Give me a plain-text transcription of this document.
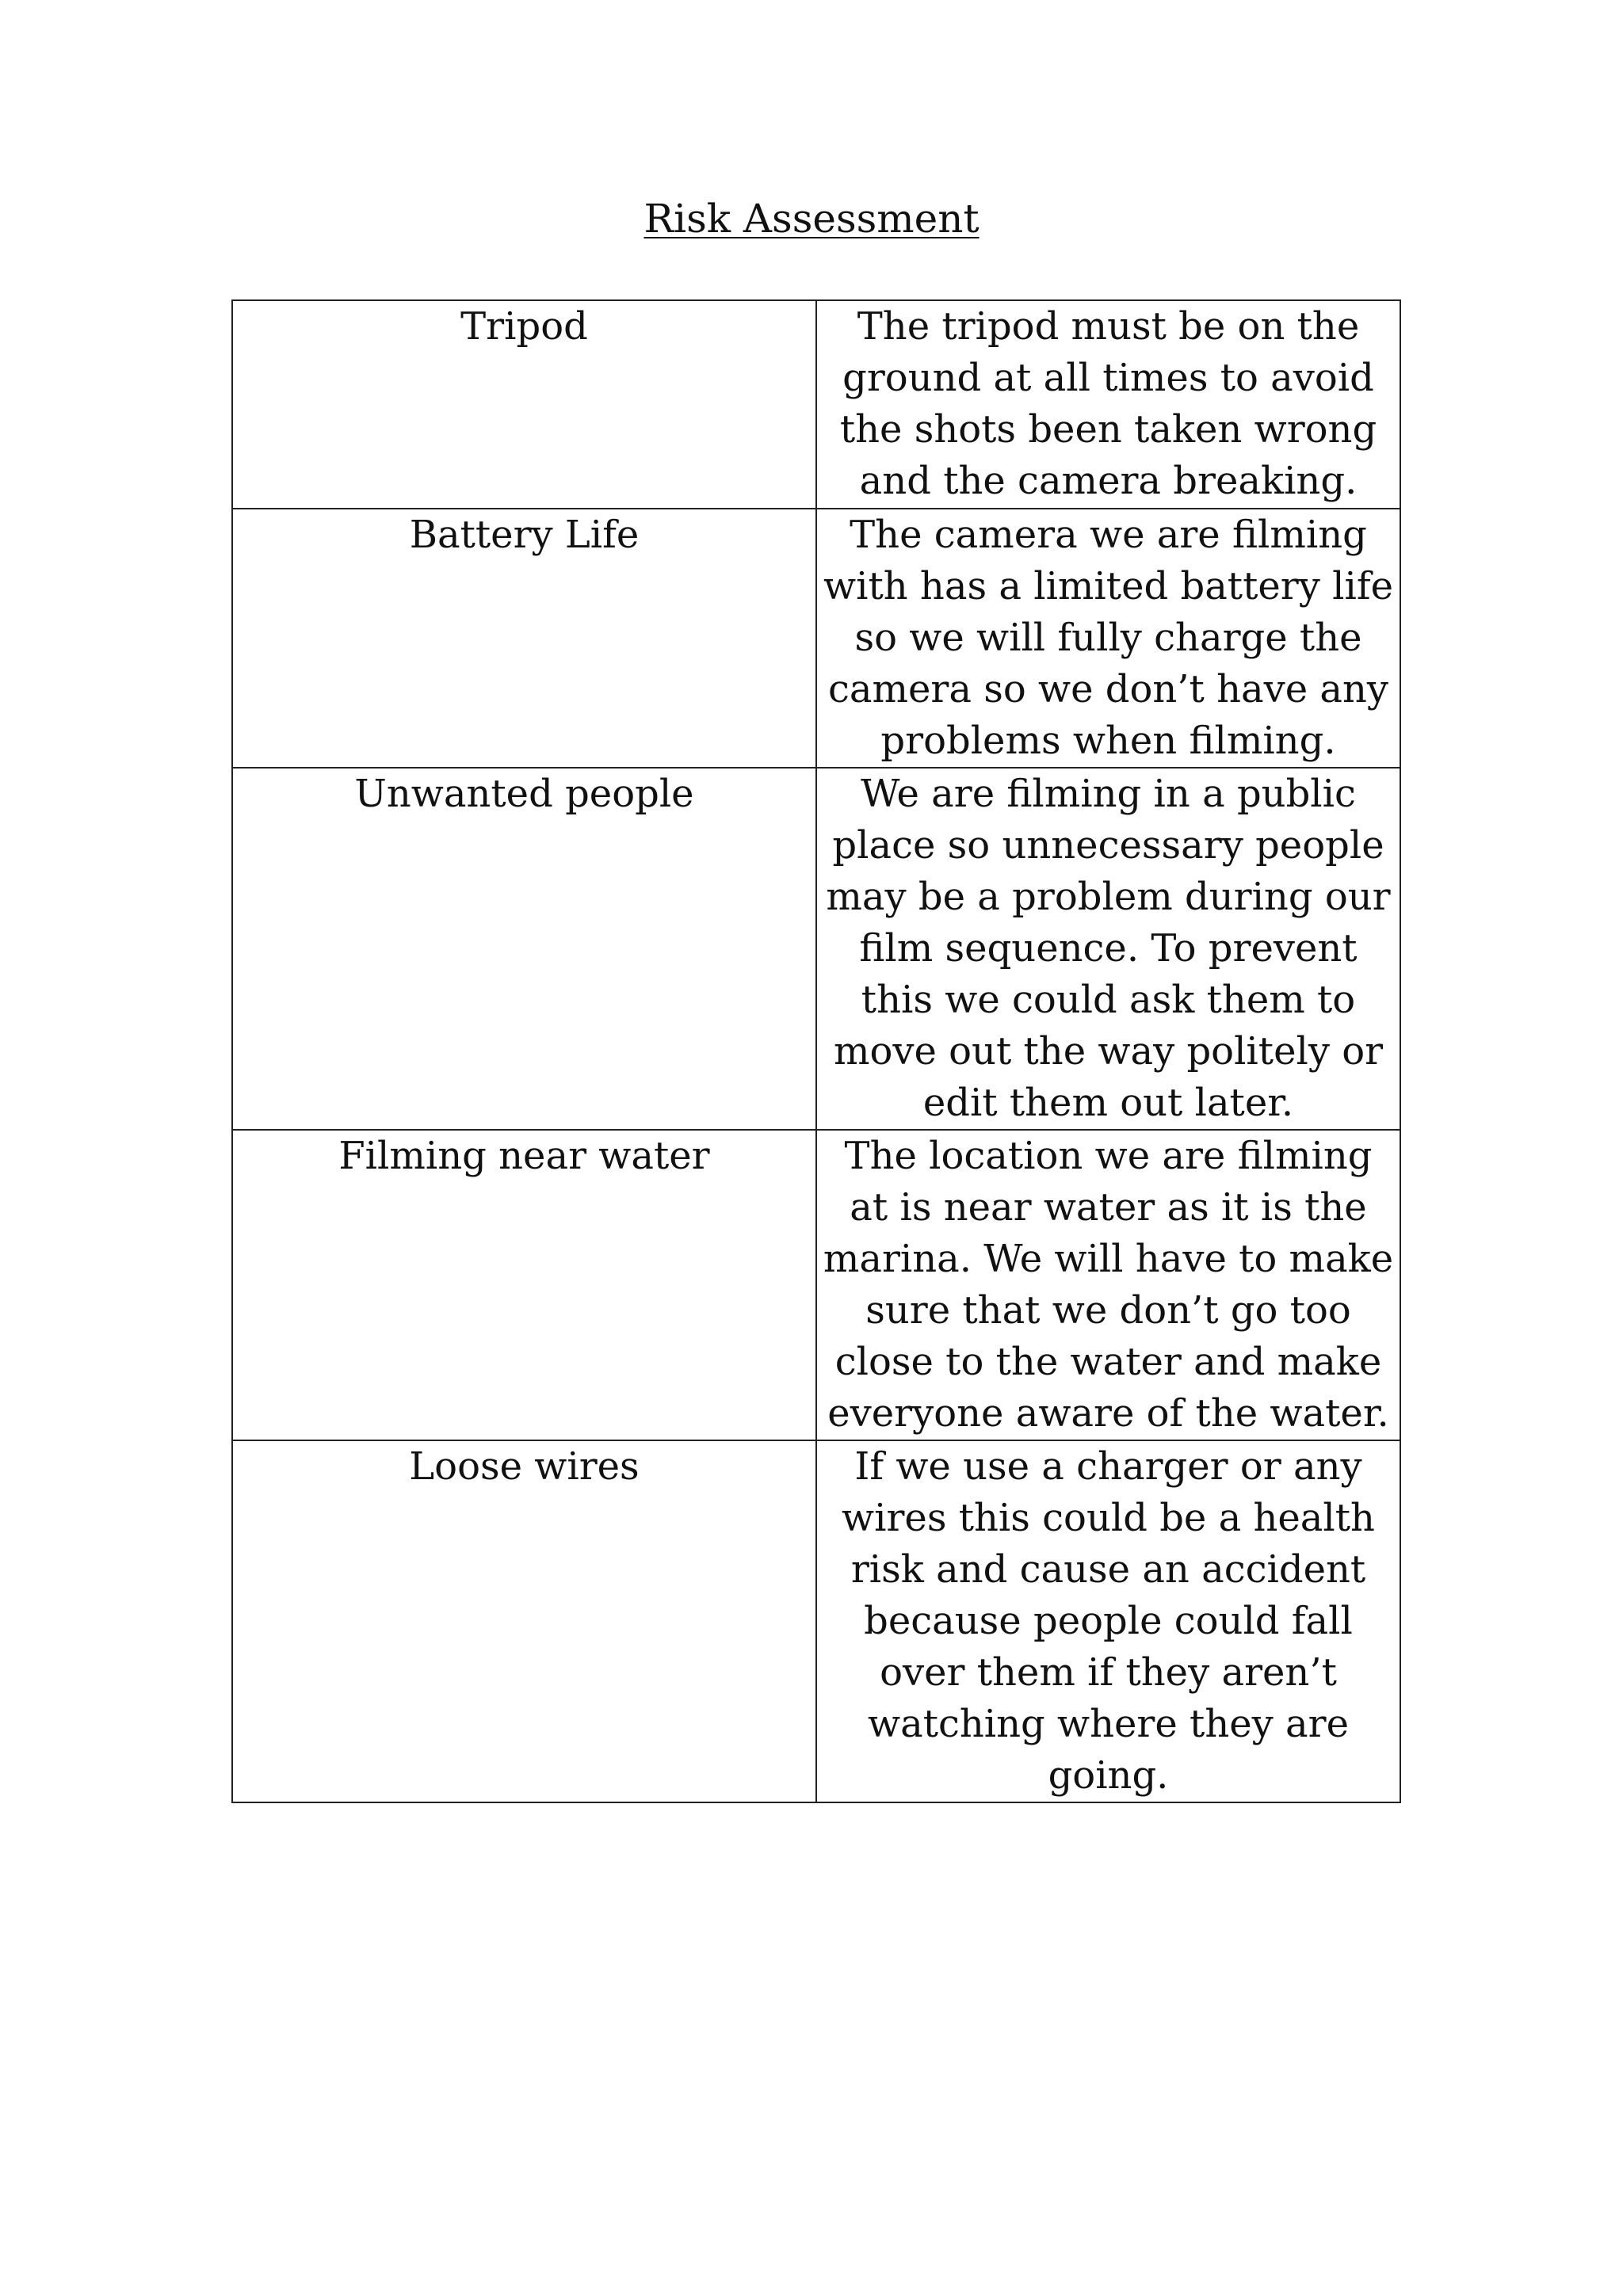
Risk Assessment
Tripod	The tripod must be on the ground at all times to avoid the shots been taken wrong and the camera breaking.

Battery Life	The camera we are filming with has a limited battery life so we will fully charge the camera so we don’t have any problems when filming.

Unwanted people	We are filming in a public place so unnecessary people may be a problem during our film sequence. To prevent this we could ask them to move out the way politely or edit them out later.

Filming near water	The location we are filming at is near water as it is the marina. We will have to make sure that we don’t go too close to the water and make everyone aware of the water.

Loose wires	If we use a charger or any wires this could be a health risk and cause an accident because people could fall over them if they aren’t watching where they are going.
